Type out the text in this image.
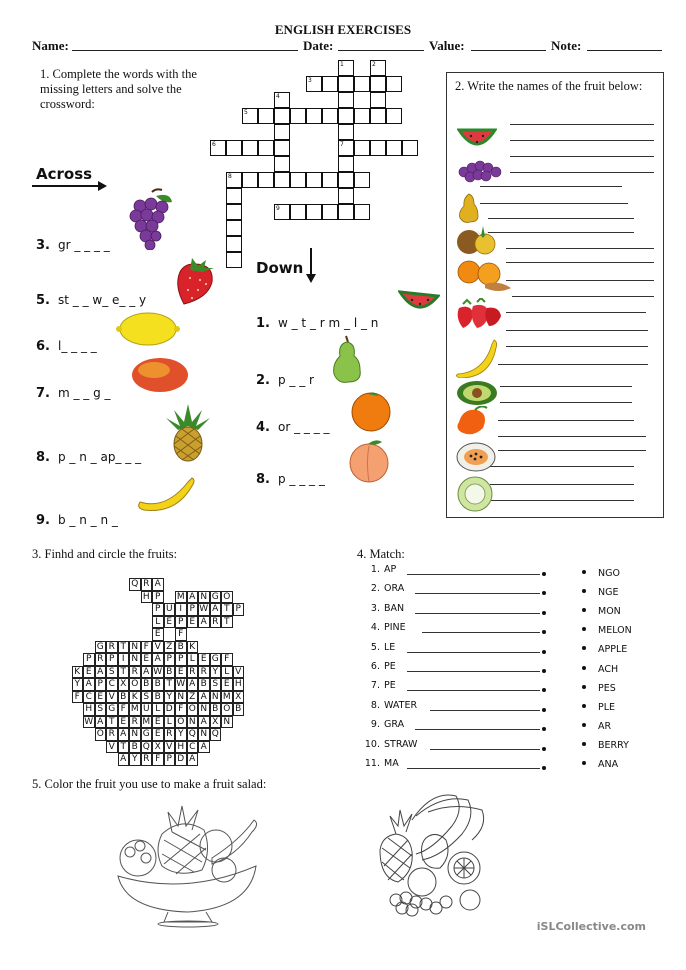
ENGLISH EXERCISES
Name:	Date:	Value:	Note:
1. Complete the words with the missing letters and solve the crossword:
1
7
2
3
4
5
6
8
9
Across
3. gr _ _ _ _
5. st _ _ w_ e_ _ y
6. l_ _ _ _
7. m _ _ g _
8. p _ n _ ap_ _ _
9. b _ n _ n _
Down
1. w _ t _ r m _ l _ n
2. p _ _ r
4. or _ _ _ _
8. p _ _ _ _
2. Write the names of the fruit below:
3. Finhd and circle the fruits:
Q R A
H P	M A N G O
P U I P W A T P
L E P E A R T
E	F
G R T N F V Z B K
P R P I N E A P P L E G F
K E A S T R A W B E R R Y L V
Y A P C X O B B T W A B S E H
F C E V B K S B Y N Z A N M X
H S G F M U L D F O N B O B
W A T E R M E L O N A X N
O R A N G E R Y Q N Q
V T B Q X V H C A
A Y R F P D A
4. Match:
1. AP
2. ORA
3. BAN
4. PINE
5. LE
6. PE
7. PE
8. WATER
9. GRA
10. STRAW
11. MA
NGO
NGE
MON
MELON
APPLE
ACH
PES
PLE
AR
BERRY
ANA
5. Color the fruit you use to make a fruit salad:
iSLCollective.com
